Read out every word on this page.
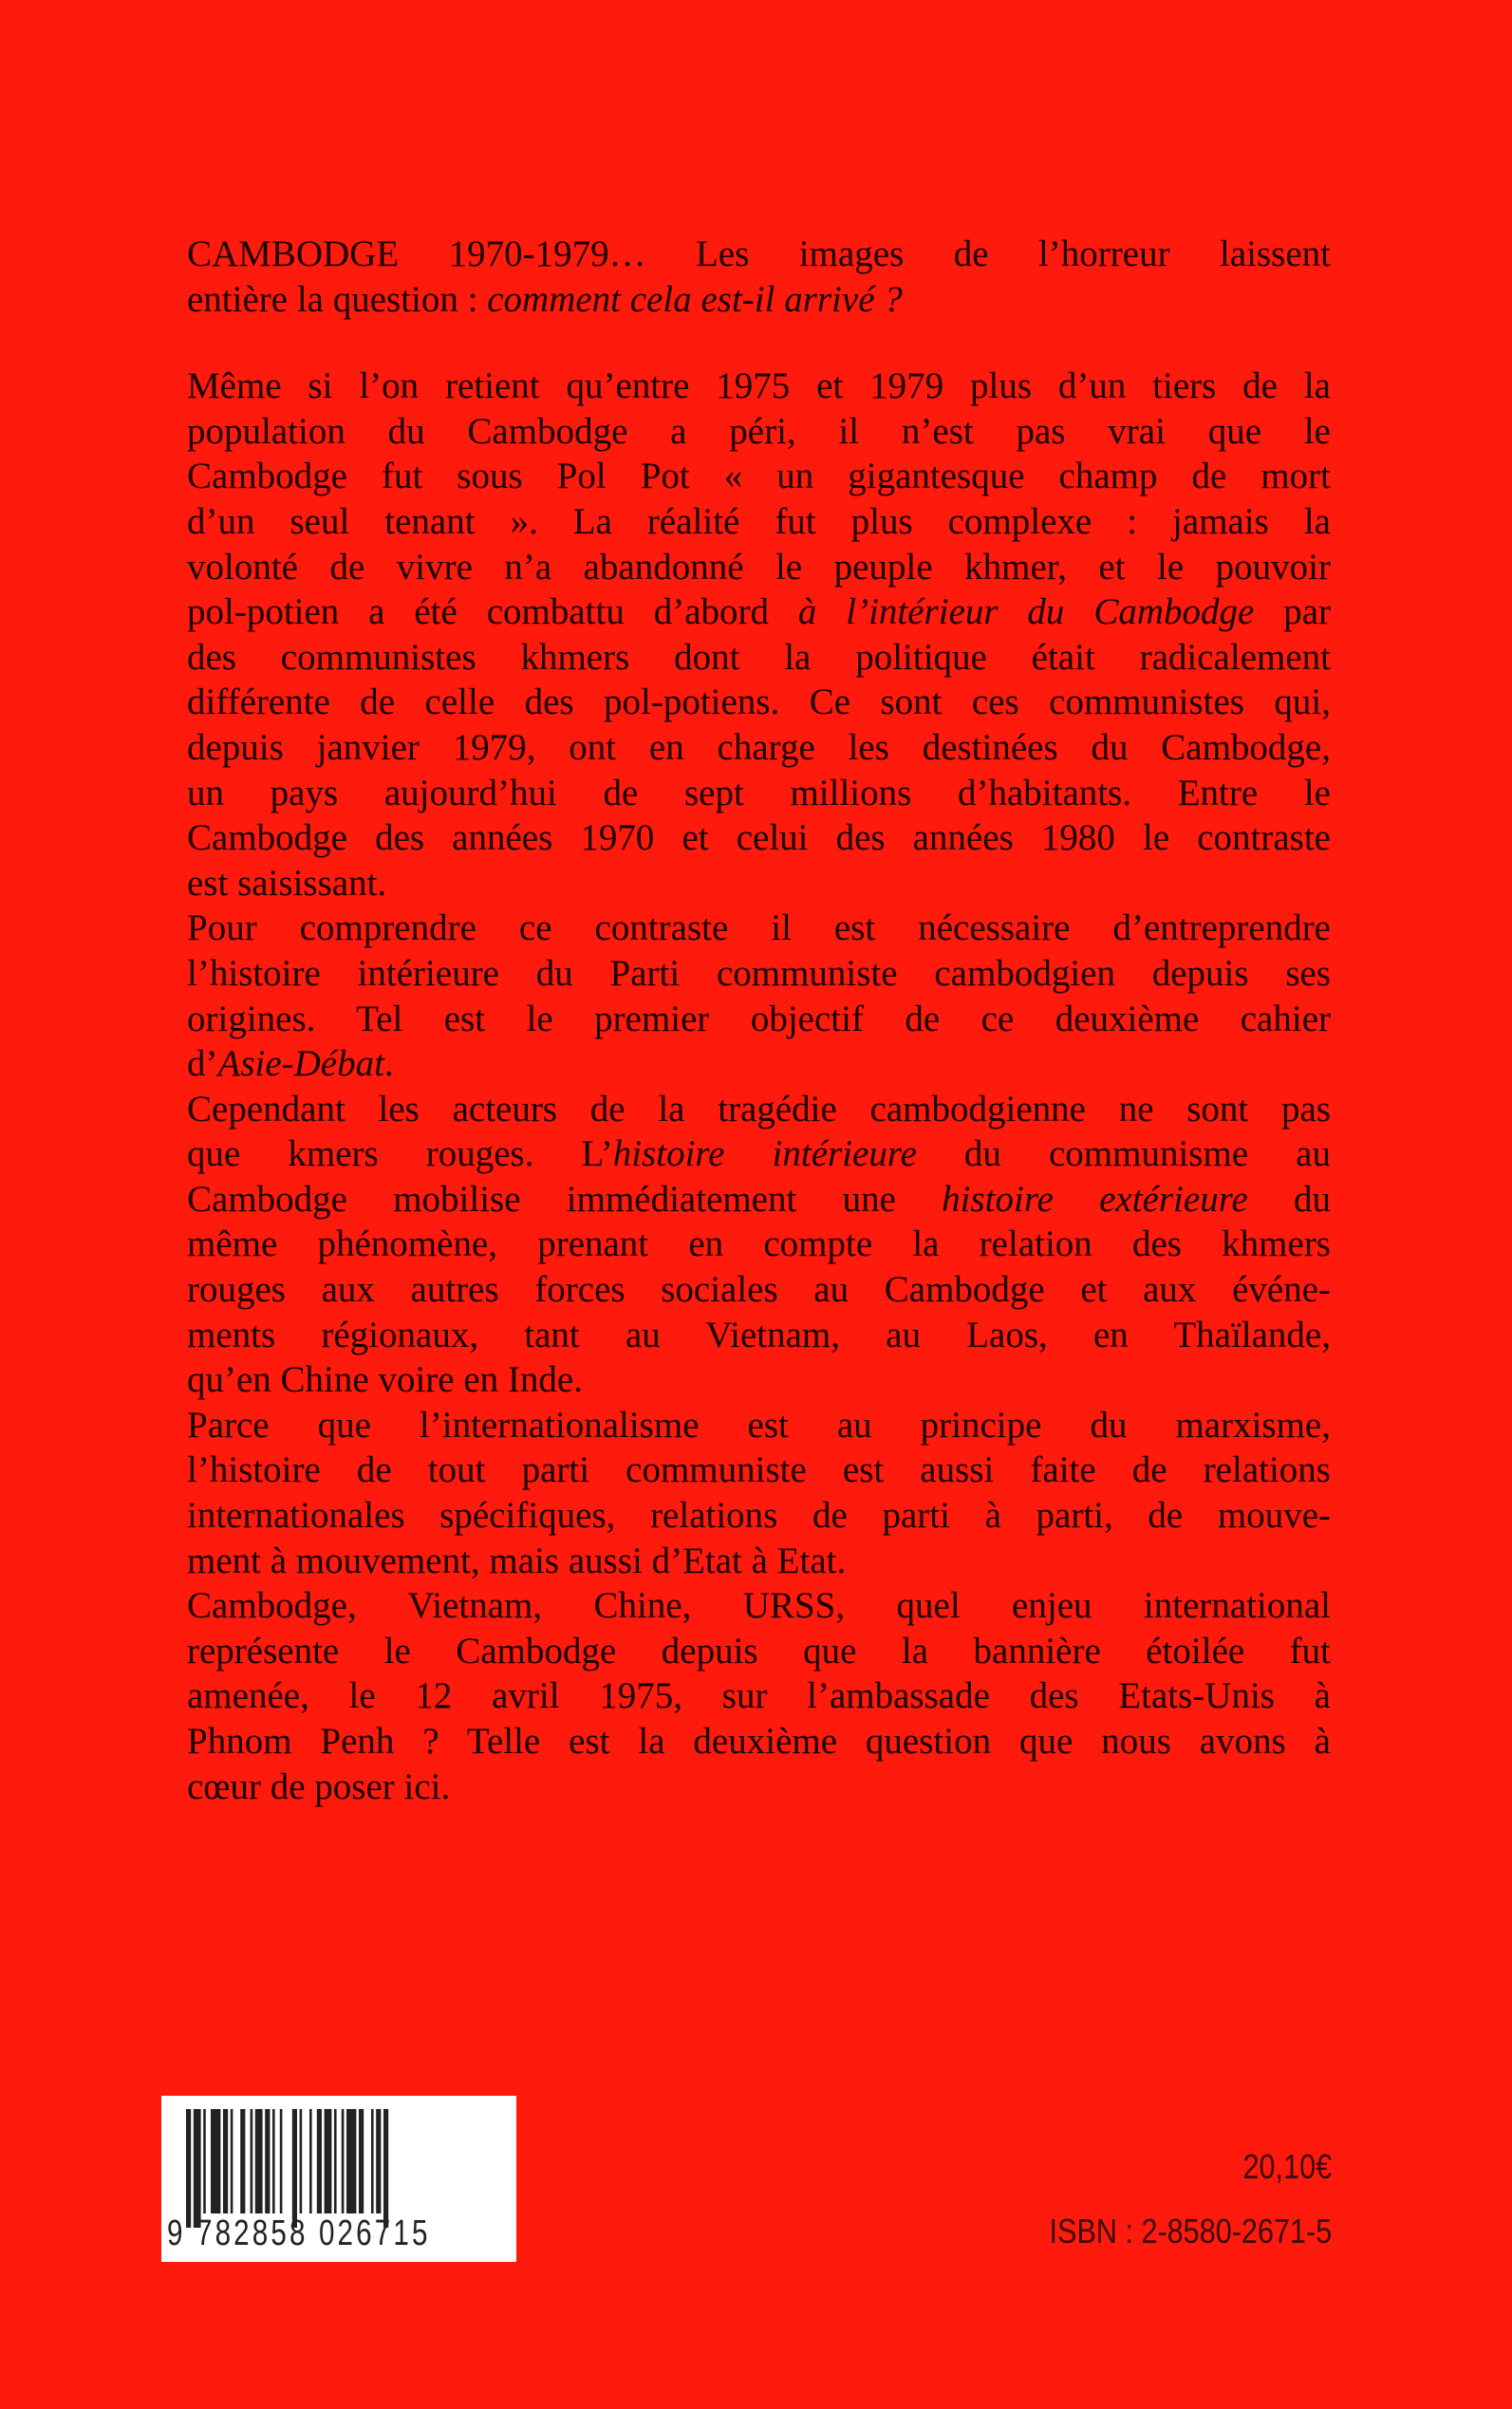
CAMBODGE 1970-1979… Les images de l’horreur laissent
entière la question : comment cela est-il arrivé ?
Même si l’on retient qu’entre 1975 et 1979 plus d’un tiers de la
population du Cambodge a péri, il n’est pas vrai que le
Cambodge fut sous Pol Pot « un gigantesque champ de mort
d’un seul tenant ». La réalité fut plus complexe : jamais la
volonté de vivre n’a abandonné le peuple khmer, et le pouvoir
pol-potien a été combattu d’abord à l’intérieur du Cambodge par
des communistes khmers dont la politique était radicalement
différente de celle des pol-potiens. Ce sont ces communistes qui,
depuis janvier 1979, ont en charge les destinées du Cambodge,
un pays aujourd’hui de sept millions d’habitants. Entre le
Cambodge des années 1970 et celui des années 1980 le contraste
est saisissant.
Pour comprendre ce contraste il est nécessaire d’entreprendre
l’histoire intérieure du Parti communiste cambodgien depuis ses
origines. Tel est le premier objectif de ce deuxième cahier
d’Asie-Débat.
Cependant les acteurs de la tragédie cambodgienne ne sont pas
que kmers rouges. L’histoire intérieure du communisme au
Cambodge mobilise immédiatement une histoire extérieure du
même phénomène, prenant en compte la relation des khmers
rouges aux autres forces sociales au Cambodge et aux événe-
ments régionaux, tant au Vietnam, au Laos, en Thaïlande,
qu’en Chine voire en Inde.
Parce que l’internationalisme est au principe du marxisme,
l’histoire de tout parti communiste est aussi faite de relations
internationales spécifiques, relations de parti à parti, de mouve-
ment à mouvement, mais aussi d’Etat à Etat.
Cambodge, Vietnam, Chine, URSS, quel enjeu international
représente le Cambodge depuis que la bannière étoilée fut
amenée, le 12 avril 1975, sur l’ambassade des Etats-Unis à
Phnom Penh ? Telle est la deuxième question que nous avons à
cœur de poser ici.
9 782858 026715
20,10€
ISBN : 2-8580-2671-5
